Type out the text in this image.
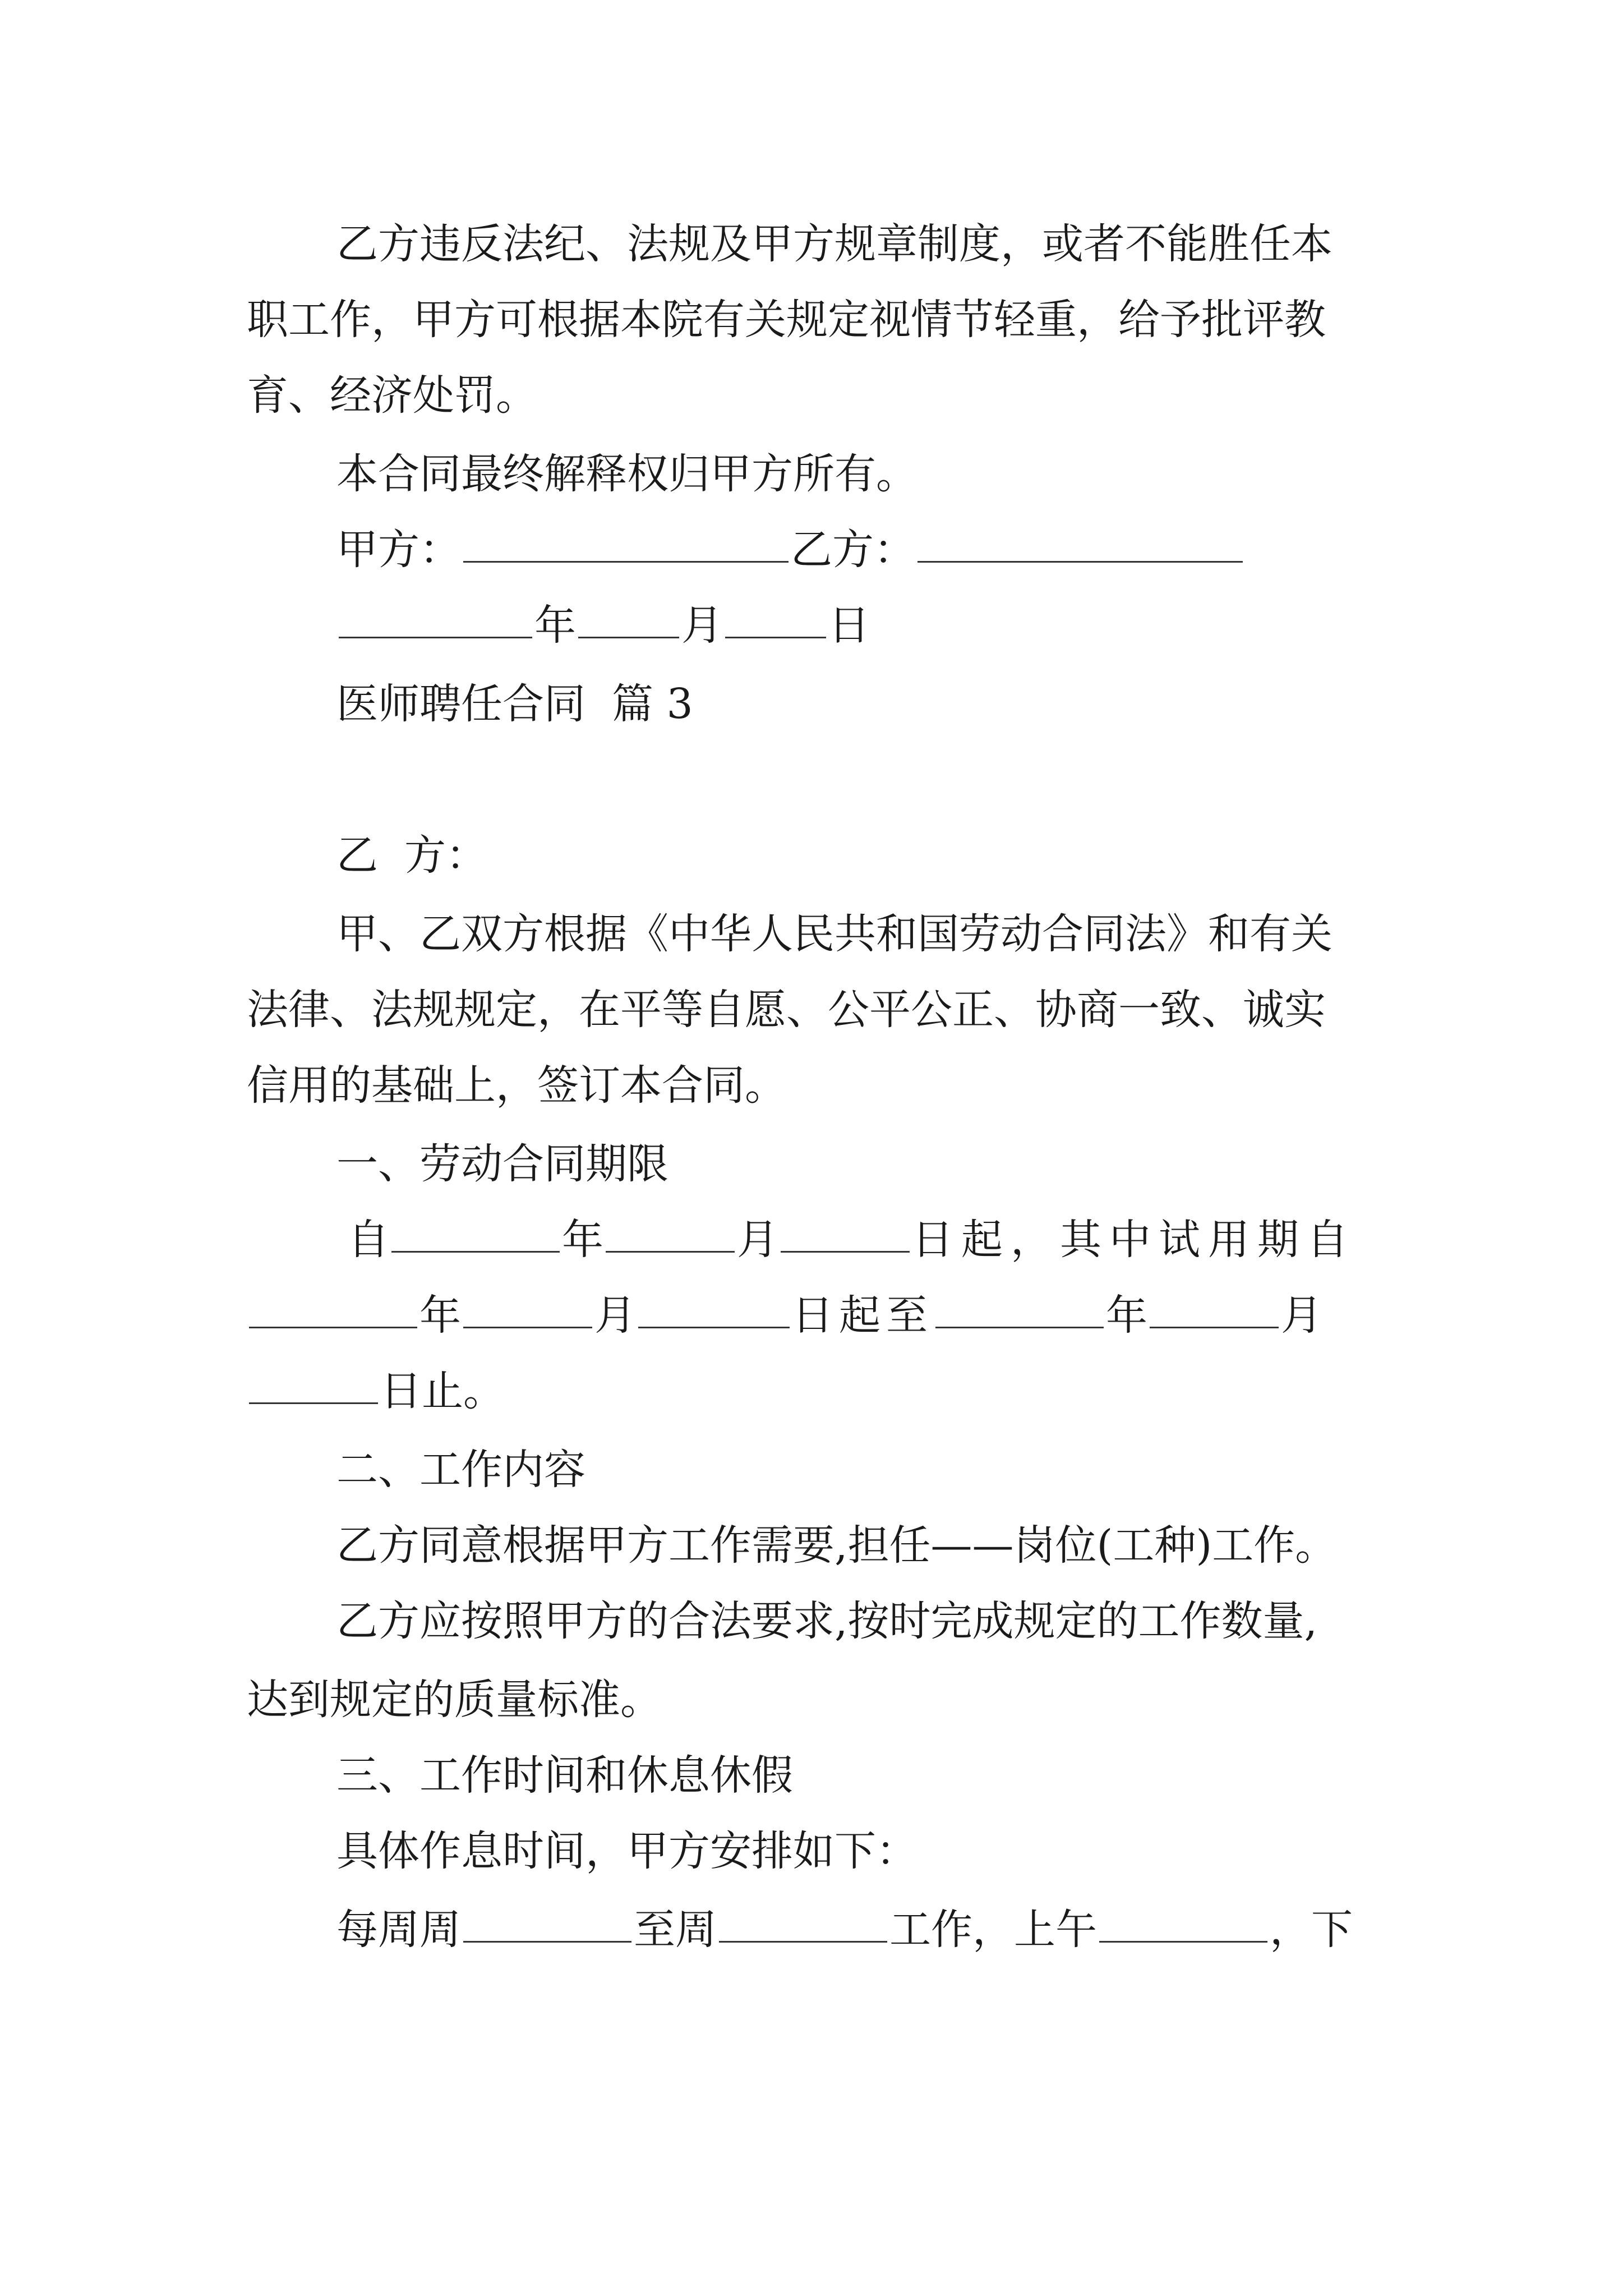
乙方违反法纪、法规及甲方规章制度，或者不能胜任本
职工作，甲方可根据本院有关规定视情节轻重，给予批评教
育、经济处罚。
本合同最终解释权归甲方所有。
甲方：	乙方：
年	月	日
医师聘任合同  篇 3

乙  方：
甲、乙双方根据《中华人民共和国劳动合同法》和有关
法律、法规规定，在平等自愿、公平公正、协商一致、诚实
信用的基础上，签订本合同。
一、劳动合同期限
自	年	月	日起，其中试用期自
年	月	日起至	年	月
日止。
二、工作内容
乙方同意根据甲方工作需要,担任——岗位(工种)工作。
乙方应按照甲方的合法要求,按时完成规定的工作数量,
达到规定的质量标准。
三、工作时间和休息休假
具体作息时间，甲方安排如下：
每周周	至周	工作，上午	，下
